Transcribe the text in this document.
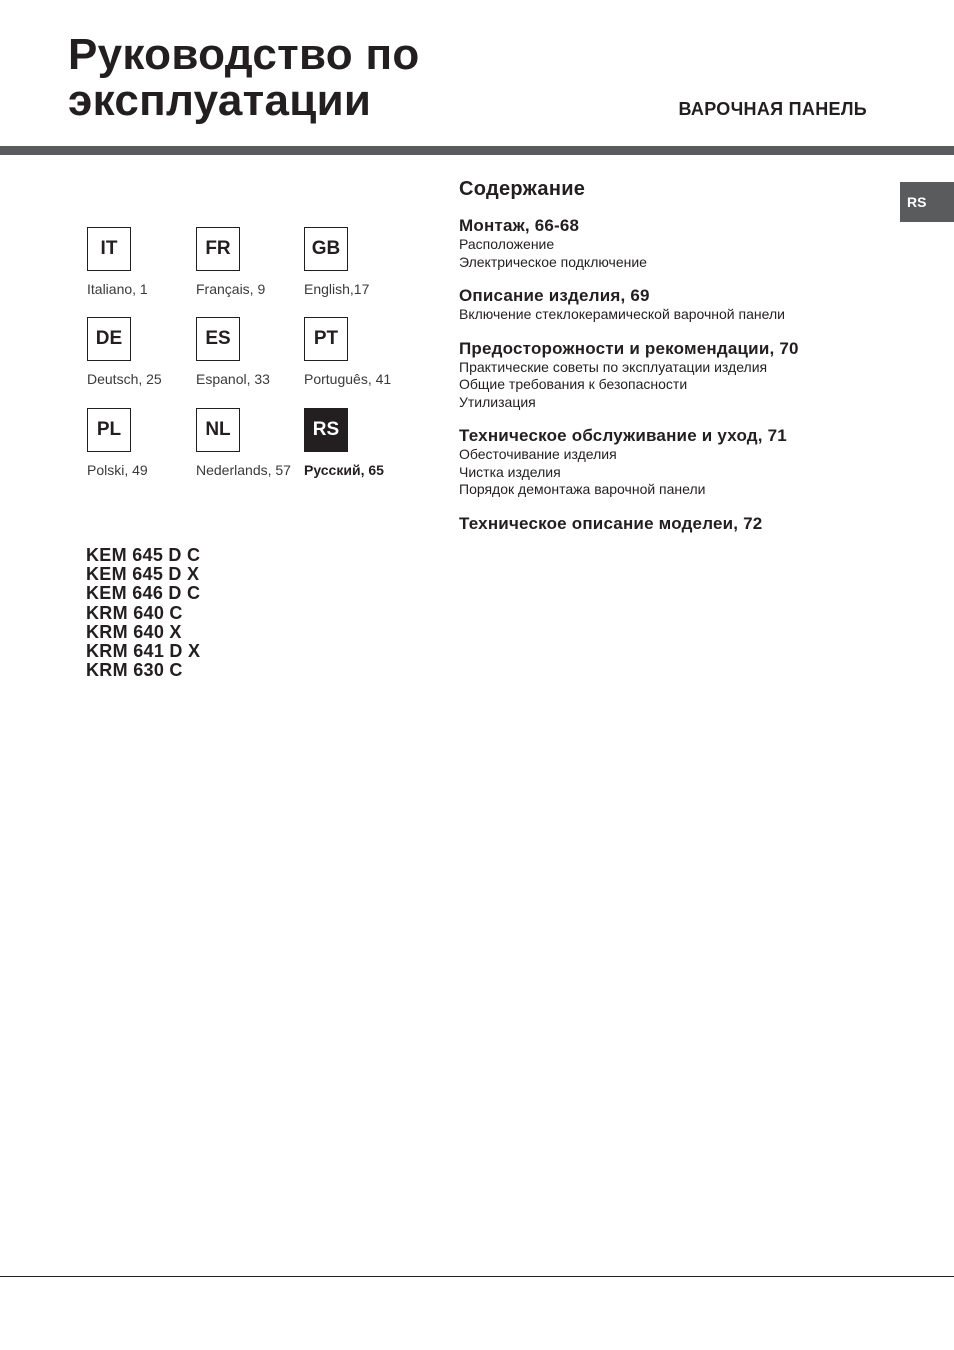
Руководство по
эксплуатации	ВАРОЧНАЯ ПАНЕЛЬ
RS
IT
Italiano, 1
FR
Français, 9
GB
English,17
DE
Deutsch, 25
ES
Espanol, 33
PT
Português, 41
PL
Polski, 49
NL
Nederlands, 57
RS
Русский, 65
KEM 645 D C
KEM 645 D X
KEM 646 D C
KRM 640 C
KRM 640 X
KRM 641 D X
KRM 630 C
Содержание
Монтаж, 66-68
Расположение
Электрическое подключение
Описание изделия, 69
Включение стеклокерамической варочной панели
Предосторожности и рекомендации, 70
Практические советы по эксплуатации изделия
Общие требования к безопасности
Утилизация
Техническое обслуживание и уход, 71
Обесточивание изделия
Чистка изделия
Порядок демонтажа варочной панели
Техническое описание моделеи, 72
